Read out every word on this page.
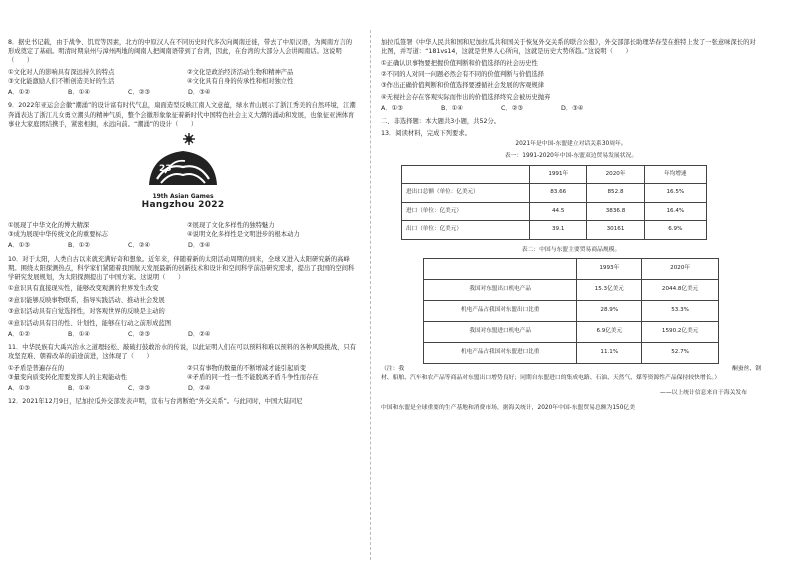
8．据史书记载，由于战争、饥荒等因素，北方的中原汉人在不同历史时代多次向闽南迁徙，带去了中原汉语，为闽南方言的形成奠定了基础。明清时期泉州与漳州两地的闽南人把闽南语带到了台湾，因此，在台湾的大部分人会讲闽南话。这说明（　　）

①文化对人的影响具有深远持久的特点	②文化是政治经济活动生物和精神产品
③文化能激励人们不断创造美好的生活	④文化具有自身的传承性和相对独立性
A．①②	B．①④	C．②③	D．③④

9．2022年亚运会会徽“潮涌”的设计富有时代气息，扇面造型反映江南人文意蕴，绿水青山展示了浙江秀美的自然环境，江潮奔涌表达了浙江儿女勇立潮头的精神气质，整个会徽形象象征着新时代中国特色社会主义大潮的涌动和发展，也象征亚洲体育事业大家庭团结携手，紧密相拥，永远向前。“潮涌”的设计（　　）

23
19th Asian Games
Hangzhou 2022
①展现了中华文化的博大精深	②展现了文化多样性的独特魅力
③成为展现中华传统文化的重要标志	④说明文化多样性是文明进步的根本动力
A．①③	B．①②	C．②④	D．③④

10．对于太阳，人类自古以来就充满好奇和想象。近年来，伴随着新的太阳活动周期的到来，全球又进入太阳研究新的高峰期。围绕太阳探测热点，科学家们紧随着我国航天发展最新的创新技术和设计和空间科学前沿研究需求，提出了我国的空间科学研究发展规划，为太阳探测提出了中国方案。这说明（　　）

①意识具有直接现实性，能够改变观测的世界发生改变

②意识能够反映事物联系，指导实践活动、推动社会发展

③意识活动具有自觉选择性，对客观世界的反映是主动的

④意识活动具有目的性、计划性，能够在行动之前形成蓝图

A．①②	B．①④	C．②③	D．②④

11．中华民族有大禹兴治水之道理轻松、敲破打鼓敢治水的传说，以此证明人们在可以预料和难以预料的各种风险挑战，只有攻坚克难、朝着改革的前途前进，这体现了（　　）

①矛盾是普遍存在的	②只有事物的数量的不断增减才能引起质变
③量变向质变转化需要发挥人的主观能动性	④矛盾的同一性一性不能脱离矛盾斗争性而存在
A．①③	B．①④	C．②③	D．②④

12．2021年12月9日，尼加拉瓜外交部发表声明，宣布与台湾断绝“外交关系”。与此同时，中国大陆同尼

加拉瓜签署《中华人民共和国和尼加拉瓜共和国关于恢复外交关系的联合公报》，外交部部长助理华春莹在推特上发了一张意味深长的对比图，并写道：“181vs14，这就是世界人心所向，这就是历史大势所趋。”这说明（　　）

①正确认识事物要把握价值判断和价值选择的社会历史性

②不同的人对同一问题必然会有不同的价值判断与价值选择

③作出正确价值判断和价值选择要遵循社会发展的客观规律

④无视社会存在客观实际而作出的价值选择终究会被历史抛弃

A．①③	B．①④	C．②③	D．③④

二、非选择题：本大题共3小题，共52分。

13．阅读材料，完成下列要求。

2021年是中国-东盟建立对话关系30周年。

表一：1991-2020年中国-东盟双边贸易发展状况。
	1991年	2020年	年均增速
进出口总额（单位：亿美元）	83.66	852.8	16.5%
进口（单位：亿美元）	44.5	3836.8	16.4%
出口（单位：亿美元）	39.1	30161	6.9%
表二：中国与东盟主要贸易商品规模。
	1993年	2020年
我国对东盟出口机电产品	15.3亿美元	2044.8亿美元
机电产品占我国对东盟出口比重	28.9%	53.3%
我国对东盟进口机电产品	6.9亿美元	1590.2亿美元
机电产品占我国对东盟进口比重	11.1%	52.7%
（注：我	酮蚕丝、钢

材、船舶、汽车和农产品等商品对东盟出口增势良好；同期自东盟进口的集成电路、石油、天然气、煤等资源性产品保持较快增长。）

——以上统计信息来自于海关发布

中国和东盟是全球重要的生产基地和消费市场，据海关统计，2020年中国-东盟贸易总额为150亿美
